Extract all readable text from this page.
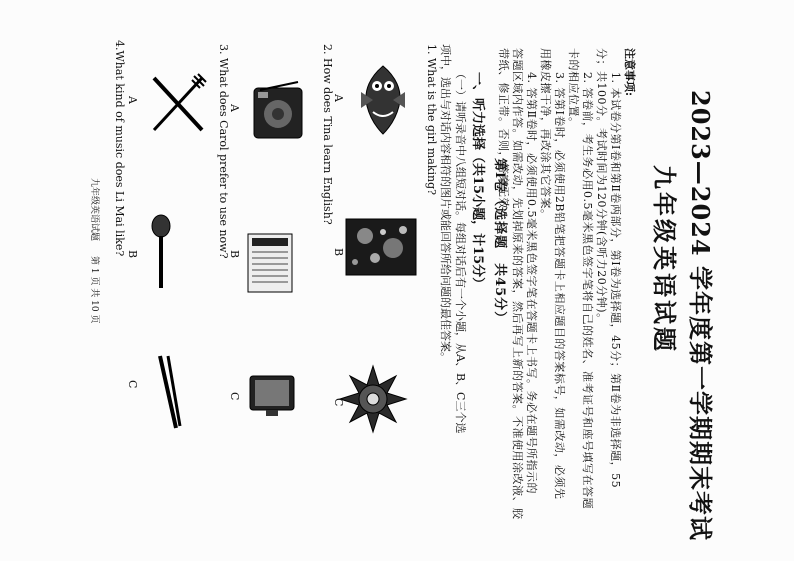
2023—2024 学年度第一学期期末考试
九年级英语试题
注意事项:
1. 本试卷分第Ⅰ卷和第Ⅱ卷两部分，第Ⅰ卷为选择题，45分；第Ⅱ卷为非选择题，55
分；共100分。考试时间为120分钟(含听力20分钟)。
2. 答卷前，考生务必用0.5毫米黑色签字笔将自己的姓名、准考证号和座号填写在答题
卡的相应位置。
3. 答第Ⅰ卷时，必须使用2B铅笔把答题卡上相应题目的答案标号，如需改动，必须先
用橡皮擦干净，再改涂其它答案。
4. 答第Ⅱ卷时，必须使用0.5毫米黑色签字笔在答题卡上书写。务必在题号所指示的
答题区域内作答。如需改动，先划掉原来的答案，然后再写上新的答案。不准使用涂改液、胶
带纸、修正带。否则，答案无效。
第Ⅰ卷（选择题　共45分）
一、听力选择（共15小题，计15分）
（一）请听录音中八组短对话。每组对话后有一个小题，从A、B、C三个选
项中，选出与对话内容相符的图片或能回答所给问题的最佳答案。
1. What is the girl making?
A
B
C
2. How does Tina learn English?
A
B
C
3. What does Carol prefer to use now?
A
B
C
4.What kind of music does Li Mai like?
九年级英语试题
第 1 页 共 10 页
